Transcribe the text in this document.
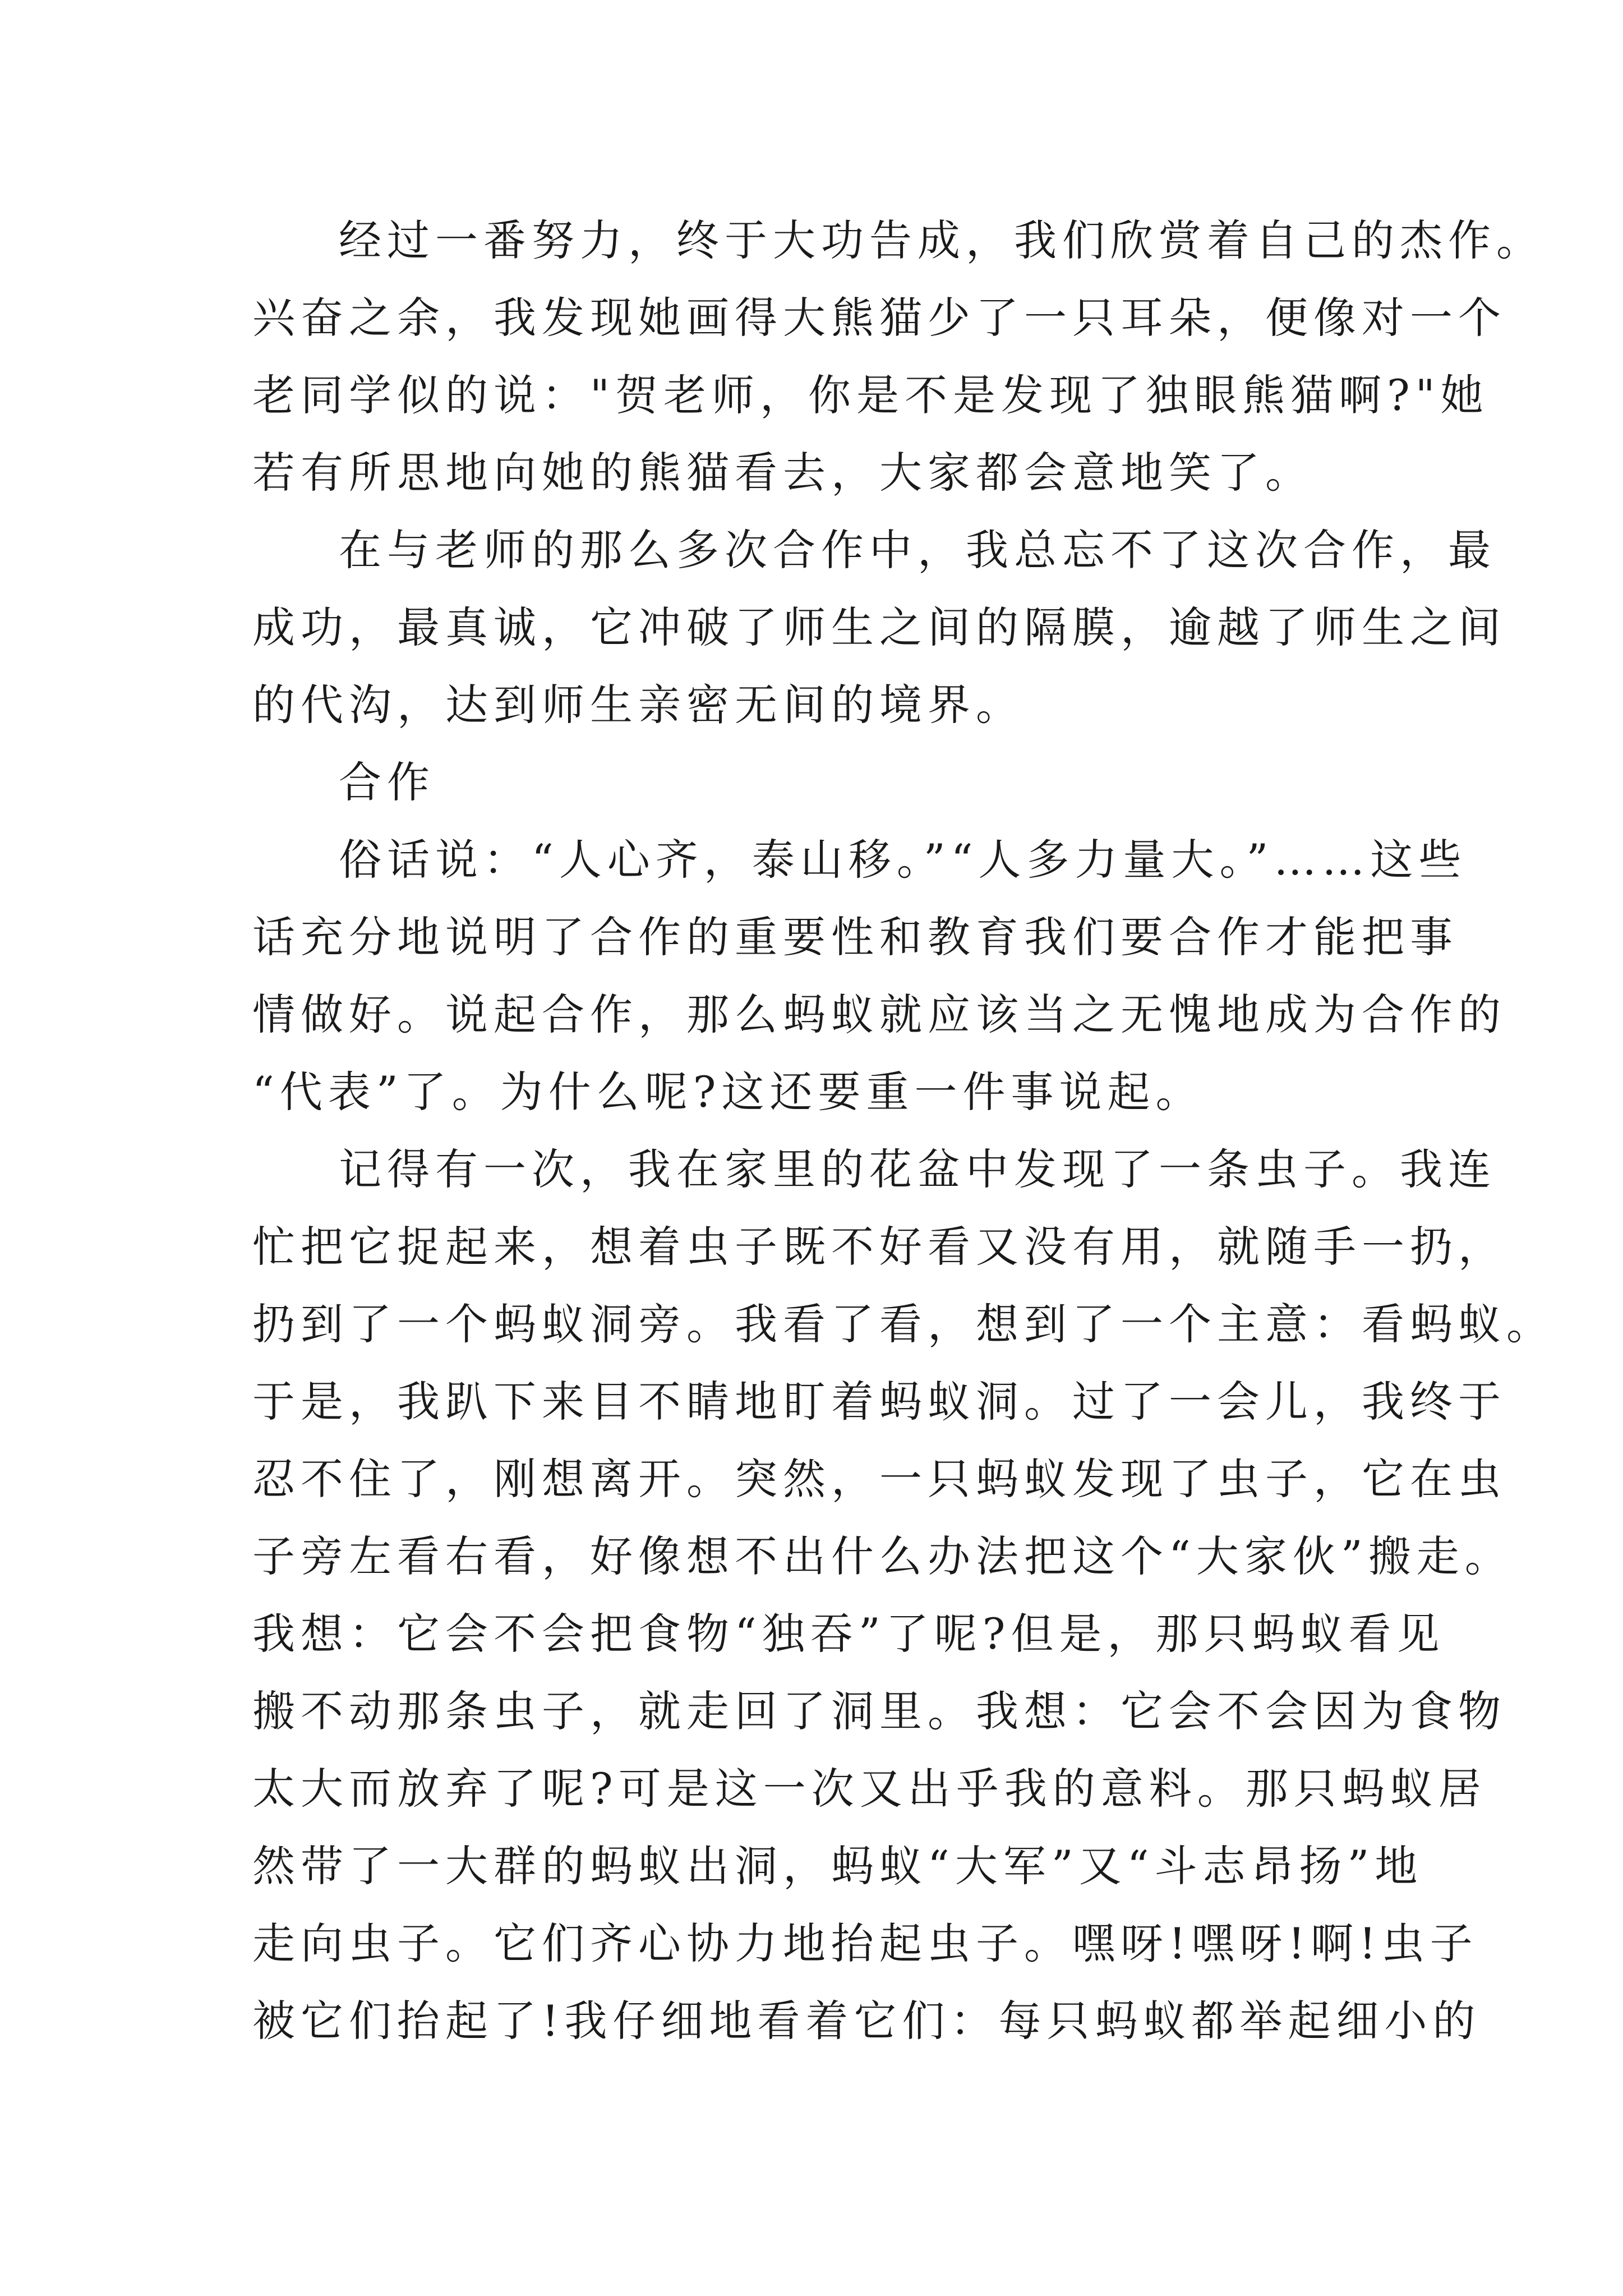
经过一番努力，终于大功告成，我们欣赏着自己的杰作。
兴奋之余，我发现她画得大熊猫少了一只耳朵，便像对一个
老同学似的说："贺老师，你是不是发现了独眼熊猫啊?"她
若有所思地向她的熊猫看去，大家都会意地笑了。
在与老师的那么多次合作中，我总忘不了这次合作，最
成功，最真诚，它冲破了师生之间的隔膜，逾越了师生之间
的代沟，达到师生亲密无间的境界。
合作
俗话说：“人心齐，泰山移。”“人多力量大。”……这些
话充分地说明了合作的重要性和教育我们要合作才能把事
情做好。说起合作，那么蚂蚁就应该当之无愧地成为合作的
“代表”了。为什么呢?这还要重一件事说起。
记得有一次，我在家里的花盆中发现了一条虫子。我连
忙把它捉起来，想着虫子既不好看又没有用，就随手一扔，
扔到了一个蚂蚁洞旁。我看了看，想到了一个主意：看蚂蚁。
于是，我趴下来目不睛地盯着蚂蚁洞。过了一会儿，我终于
忍不住了，刚想离开。突然，一只蚂蚁发现了虫子，它在虫
子旁左看右看，好像想不出什么办法把这个“大家伙”搬走。
我想：它会不会把食物“独吞”了呢?但是，那只蚂蚁看见
搬不动那条虫子，就走回了洞里。我想：它会不会因为食物
太大而放弃了呢?可是这一次又出乎我的意料。那只蚂蚁居
然带了一大群的蚂蚁出洞，蚂蚁“大军”又“斗志昂扬”地
走向虫子。它们齐心协力地抬起虫子。嘿呀!嘿呀!啊!虫子
被它们抬起了!我仔细地看着它们：每只蚂蚁都举起细小的
